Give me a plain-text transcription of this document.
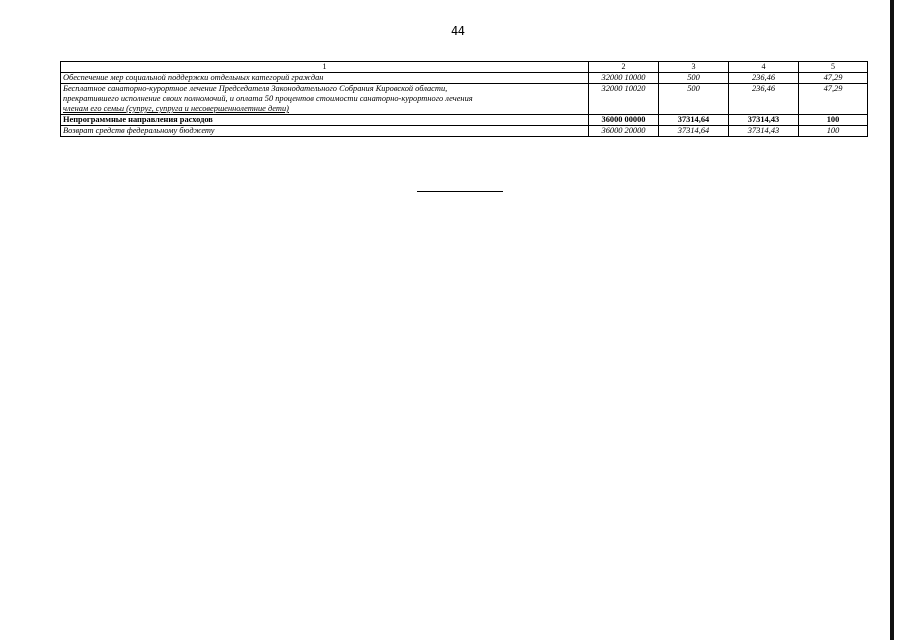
44
1	2	3	4	5
Обеспечение мер социальной поддержки отдельных категорий граждан	32000 10000	500	236,46	47,29

Бесплатное санаторно-курортное лечение Председателя Законодательного Собрания Кировской области,
прекратившего исполнение своих полномочий, и оплата 50 процентов стоимости санаторно-курортного лечения
членам его семьи (супруг, супруга и несовершеннолетние дети)	32000 10020	500	236,46	47,29
Непрограммные направления расходов	36000 00000	37314,64	37314,43	100
Возврат средств федеральному бюджету	36000 20000	37314,64	37314,43	100
